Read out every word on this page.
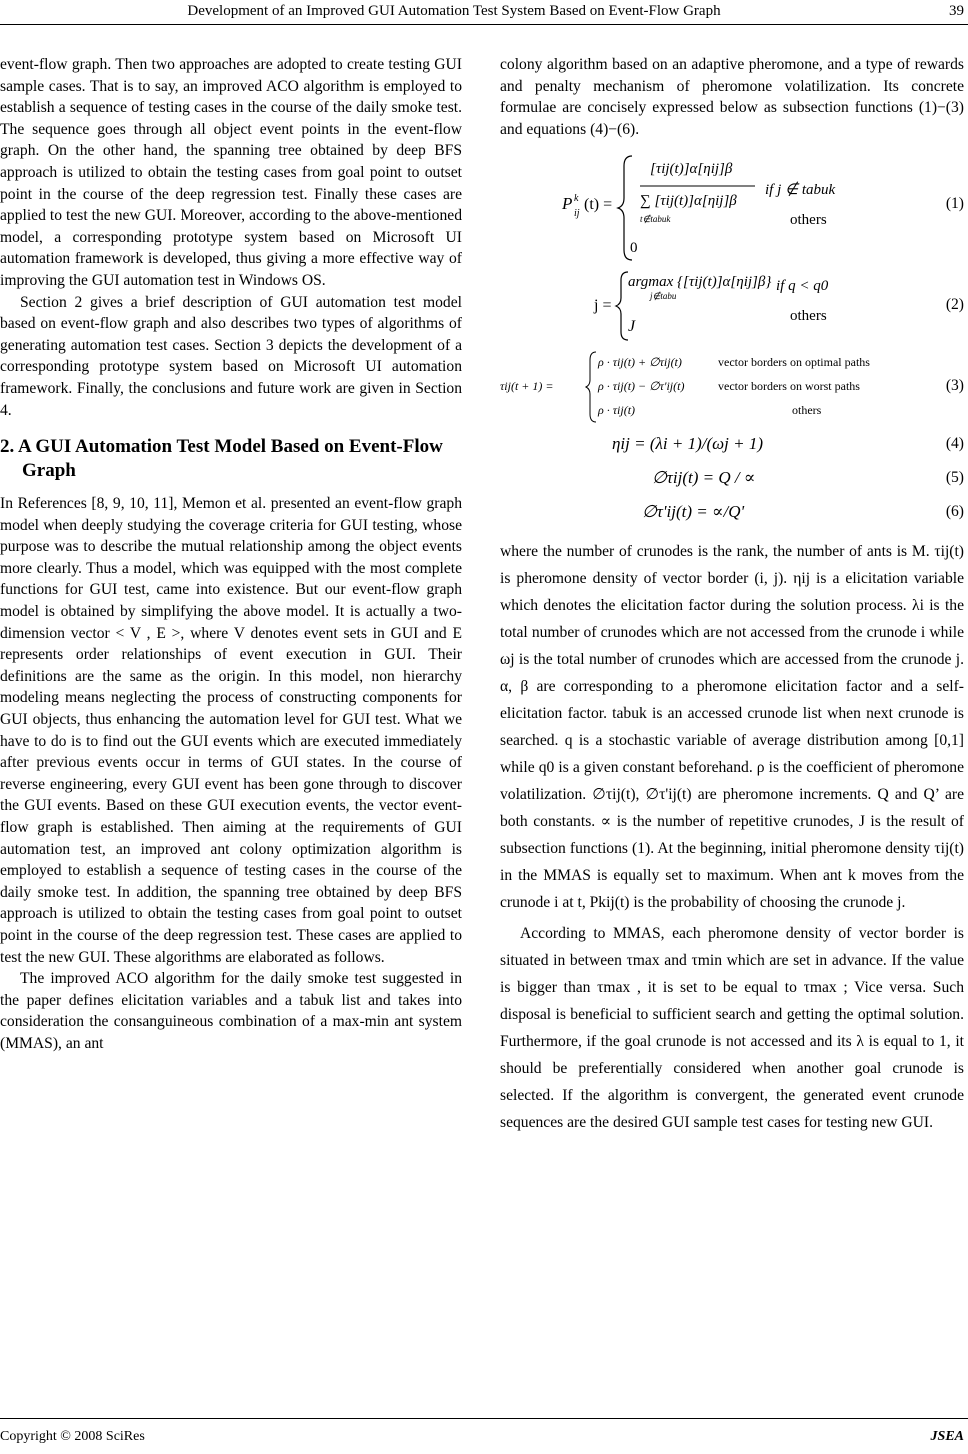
Development of an Improved GUI Automation Test System Based on Event-Flow Graph	39

event-flow graph. Then two approaches are adopted to create testing GUI sample cases. That is to say, an improved ACO algorithm is employed to establish a sequence of testing cases in the course of the daily smoke test. The sequence goes through all object event points in the event-flow graph. On the other hand, the spanning tree obtained by deep BFS approach is utilized to obtain the testing cases from goal point to outset point in the course of the deep regression test. Finally these cases are applied to test the new GUI. Moreover, according to the above-mentioned model, a corresponding prototype system based on Microsoft UI automation framework is developed, thus giving a more effective way of improving the GUI automation test in Windows OS.

Section 2 gives a brief description of GUI automation test model based on event-flow graph and also describes two types of algorithms of generating automation test cases. Section 3 depicts the development of a corresponding prototype system based on Microsoft UI automation framework. Finally, the conclusions and future work are given in Section 4.

2. A GUI Automation Test Model Based on Event-Flow Graph

In References [8, 9, 10, 11], Memon et al. presented an event-flow graph model when deeply studying the coverage criteria for GUI testing, whose purpose was to describe the mutual relationship among the object events more clearly. Thus a model, which was equipped with the most complete functions for GUI test, came into existence. But our event-flow graph model is obtained by simplifying the above model. It is actually a two-dimension vector < V , E >, where V denotes event sets in GUI and E represents order relationships of event execution in GUI. Their definitions are the same as the origin. In this model, non hierarchy modeling means neglecting the process of constructing components for GUI objects, thus enhancing the automation level for GUI test. What we have to do is to find out the GUI events which are executed immediately after previous events occur in terms of GUI states. In the course of reverse engineering, every GUI event has been gone through to discover the GUI events. Based on these GUI execution events, the vector event-flow graph is established. Then aiming at the requirements of GUI automation test, an improved ant colony optimization algorithm is employed to establish a sequence of testing cases in the course of the daily smoke test. In addition, the spanning tree obtained by deep BFS approach is utilized to obtain the testing cases from goal point to outset point in the course of the deep regression test. These cases are applied to test the new GUI. These algorithms are elaborated as follows.

The improved ACO algorithm for the daily smoke test suggested in the paper defines elicitation variables and a tabuk list and takes into consideration the consanguineous combination of a max-min ant system (MMAS), an ant

colony algorithm based on an adaptive pheromone, and a type of rewards and penalty mechanism of pheromone volatilization. Its concrete formulae are concisely expressed below as subsection functions (1)−(3) and equations (4)−(6).

P k
ij
(t) =
[τij(t)]α[ηij]β
∑ [τij(t)]α[ηij]β
t∉tabuk
if j ∉ tabuk
others
0
(1)
j =
argmax {[τij(t)]α[ηij]β}
j∉tabu
if q < q0
J
others
(2)
τij(t + 1) =
ρ · τij(t) + ∅τij(t)	vector borders on optimal paths
ρ · τij(t) − ∅τ'ij(t)	vector borders on worst paths
ρ · τij(t)	others
(3)
ηij = (λi + 1)/(ωj + 1)	(4)
∅τij(t) = Q / ∝	(5)
∅τ'ij(t) = ∝/Q'	(6)

where the number of crunodes is the rank, the number of ants is M. τij(t) is pheromone density of vector border (i, j). ηij is a elicitation variable which denotes the elicitation factor during the solution process. λi is the total number of crunodes which are not accessed from the crunode i while ωj is the total number of crunodes which are accessed from the crunode j. α, β are corresponding to a pheromone elicitation factor and a self-elicitation factor. tabuk is an accessed crunode list when next crunode is searched. q is a stochastic variable of average distribution among [0,1] while q0 is a given constant beforehand. ρ is the coefficient of pheromone volatilization. ∅τij(t), ∅τ'ij(t) are pheromone increments. Q and Q’ are both constants. ∝ is the number of repetitive crunodes, J is the result of subsection functions (1). At the beginning, initial pheromone density τij(t) in the MMAS is equally set to maximum. When ant k moves from the crunode i at t, Pkij(t) is the probability of choosing the crunode j.

According to MMAS, each pheromone density of vector border is situated in between τmax and τmin which are set in advance. If the value is bigger than τmax , it is set to be equal to τmax ; Vice versa. Such disposal is beneficial to sufficient search and getting the optimal solution. Furthermore, if the goal crunode is not accessed and its λ is equal to 1, it should be preferentially considered when another goal crunode is selected. If the algorithm is convergent, the generated event crunode sequences are the desired GUI sample test cases for testing new GUI.

Copyright © 2008 SciRes	JSEA
